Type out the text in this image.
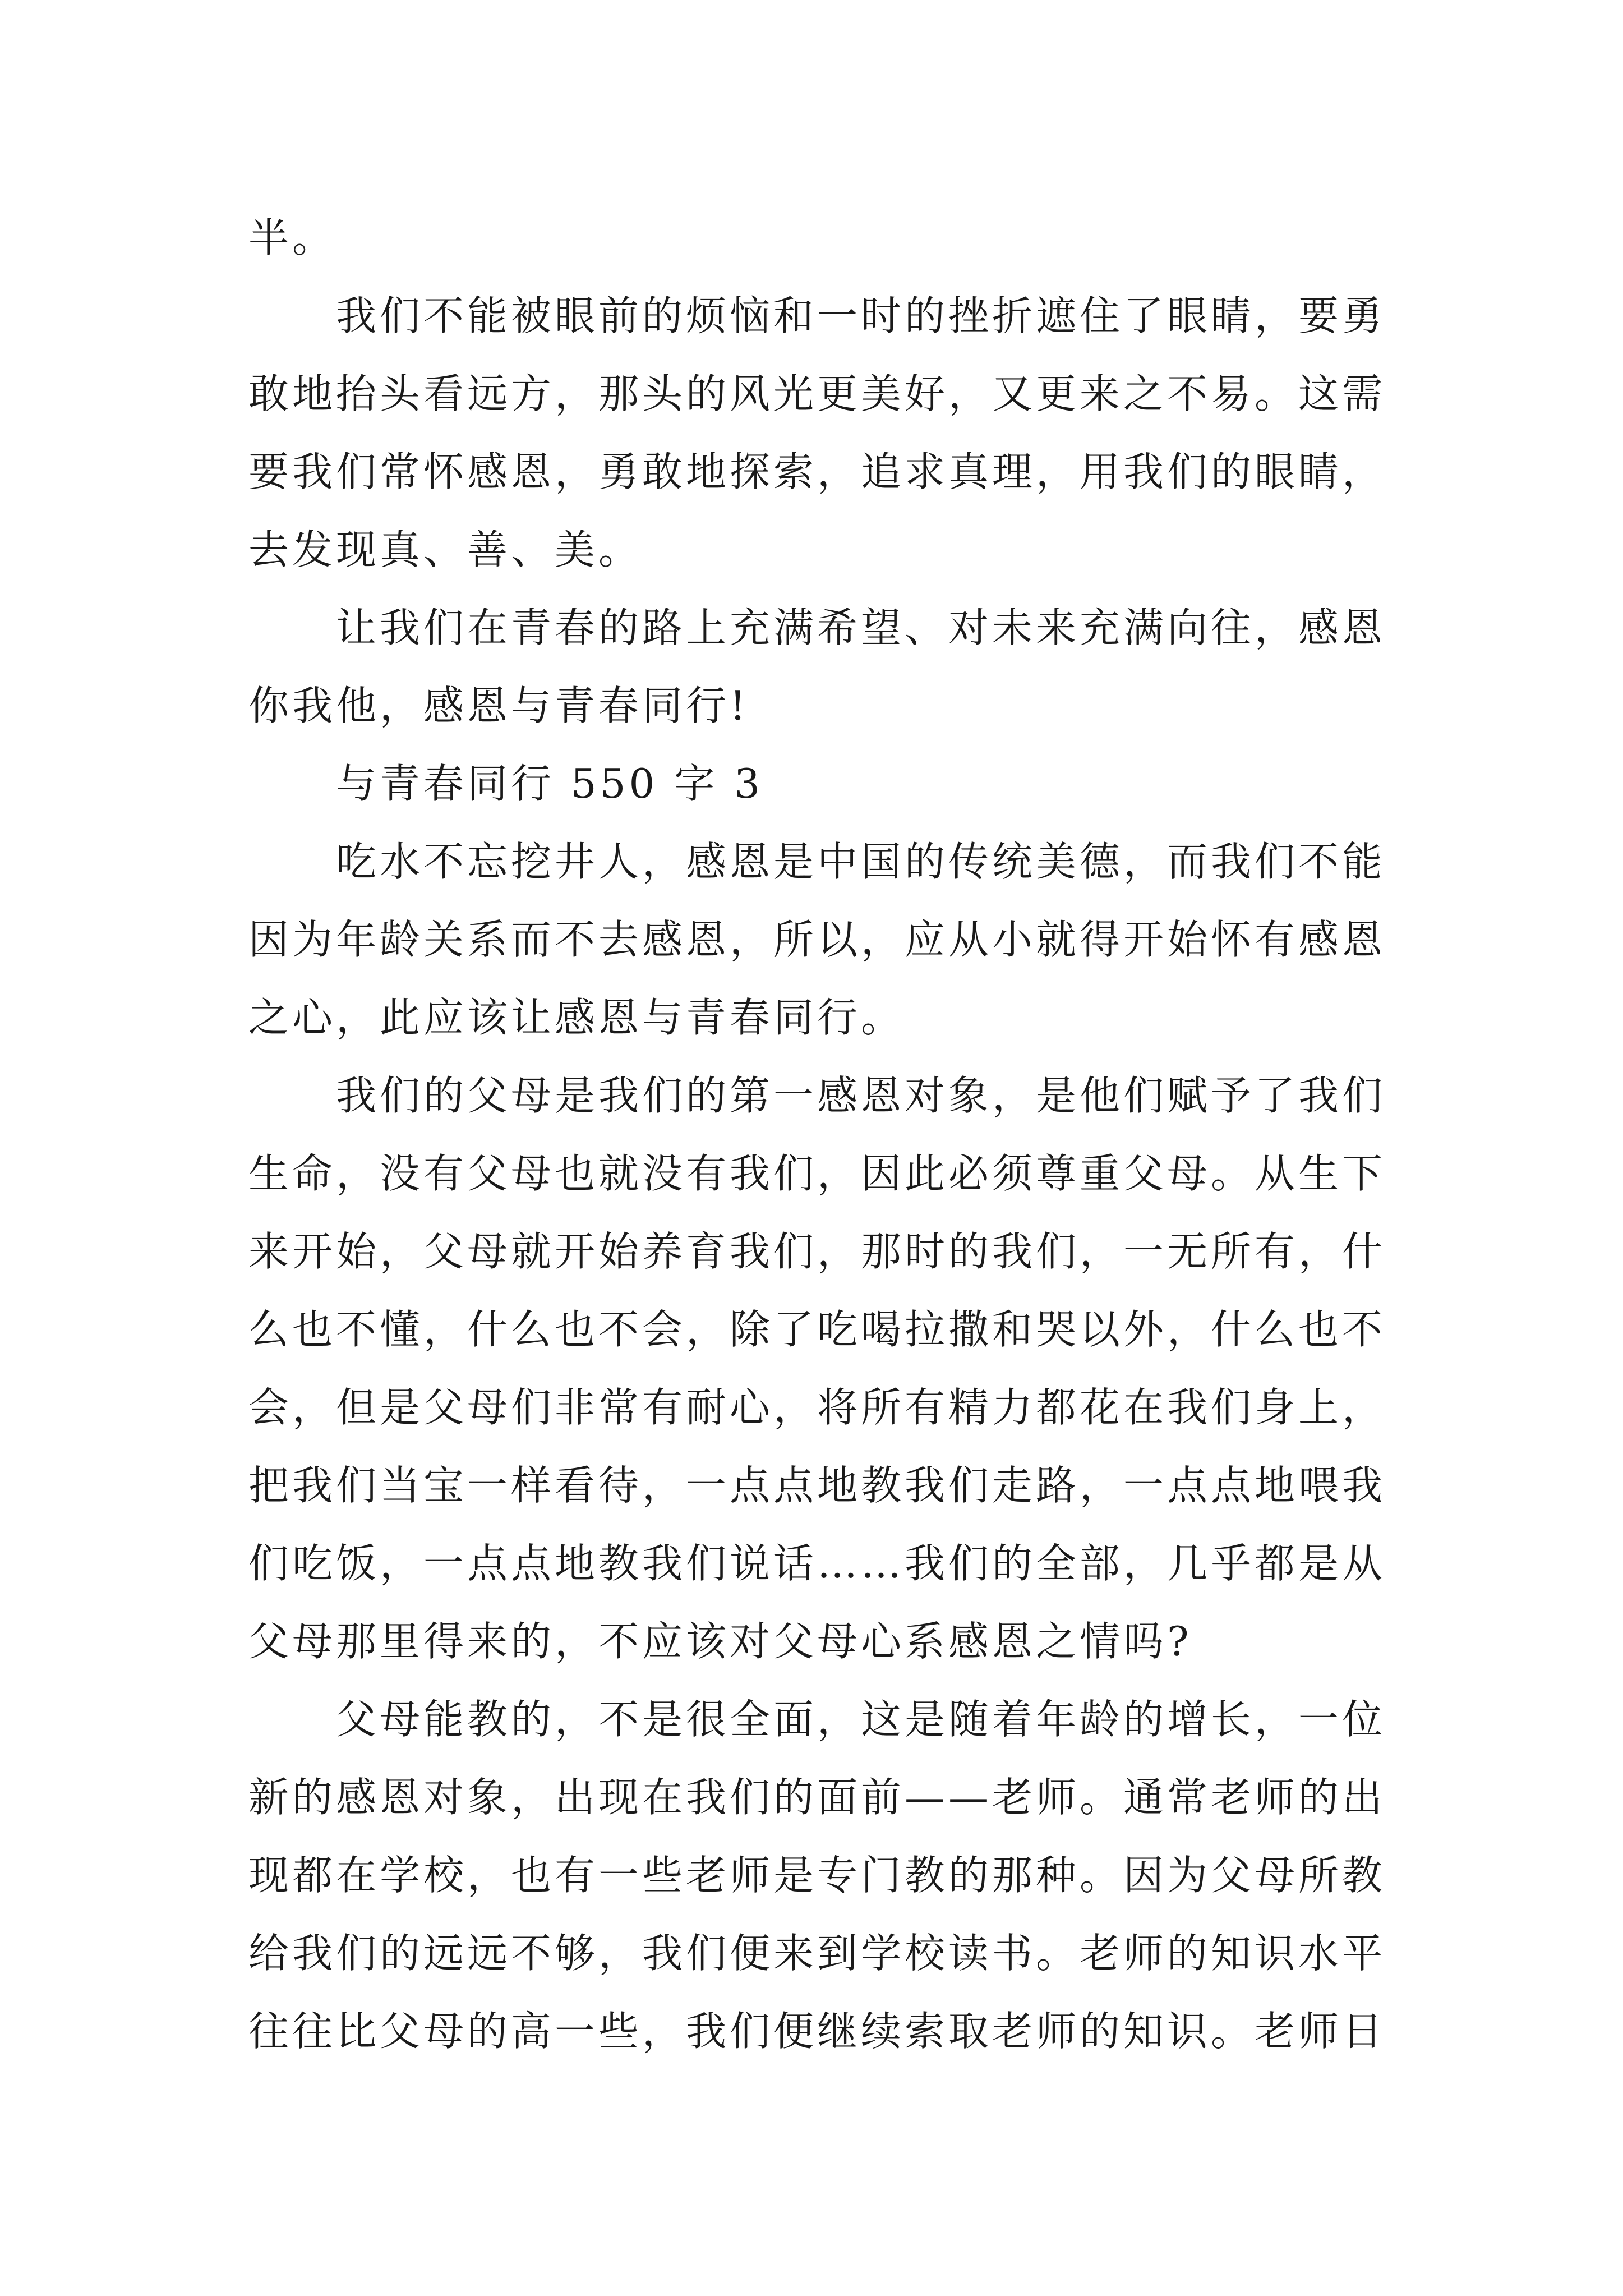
半。

我们不能被眼前的烦恼和一时的挫折遮住了眼睛，要勇
敢地抬头看远方，那头的风光更美好，又更来之不易。这需
要我们常怀感恩，勇敢地探索，追求真理，用我们的眼睛，
去发现真、善、美。

让我们在青春的路上充满希望、对未来充满向往，感恩
你我他，感恩与青春同行!

与青春同行 550 字 3

吃水不忘挖井人，感恩是中国的传统美德，而我们不能
因为年龄关系而不去感恩，所以，应从小就得开始怀有感恩
之心，此应该让感恩与青春同行。

我们的父母是我们的第一感恩对象，是他们赋予了我们
生命，没有父母也就没有我们，因此必须尊重父母。从生下
来开始，父母就开始养育我们，那时的我们，一无所有，什
么也不懂，什么也不会，除了吃喝拉撒和哭以外，什么也不
会，但是父母们非常有耐心，将所有精力都花在我们身上，
把我们当宝一样看待，一点点地教我们走路，一点点地喂我
们吃饭，一点点地教我们说话……我们的全部，几乎都是从
父母那里得来的，不应该对父母心系感恩之情吗?

父母能教的，不是很全面，这是随着年龄的增长，一位
新的感恩对象，出现在我们的面前——老师。通常老师的出
现都在学校，也有一些老师是专门教的那种。因为父母所教
给我们的远远不够，我们便来到学校读书。老师的知识水平
往往比父母的高一些，我们便继续索取老师的知识。老师日
